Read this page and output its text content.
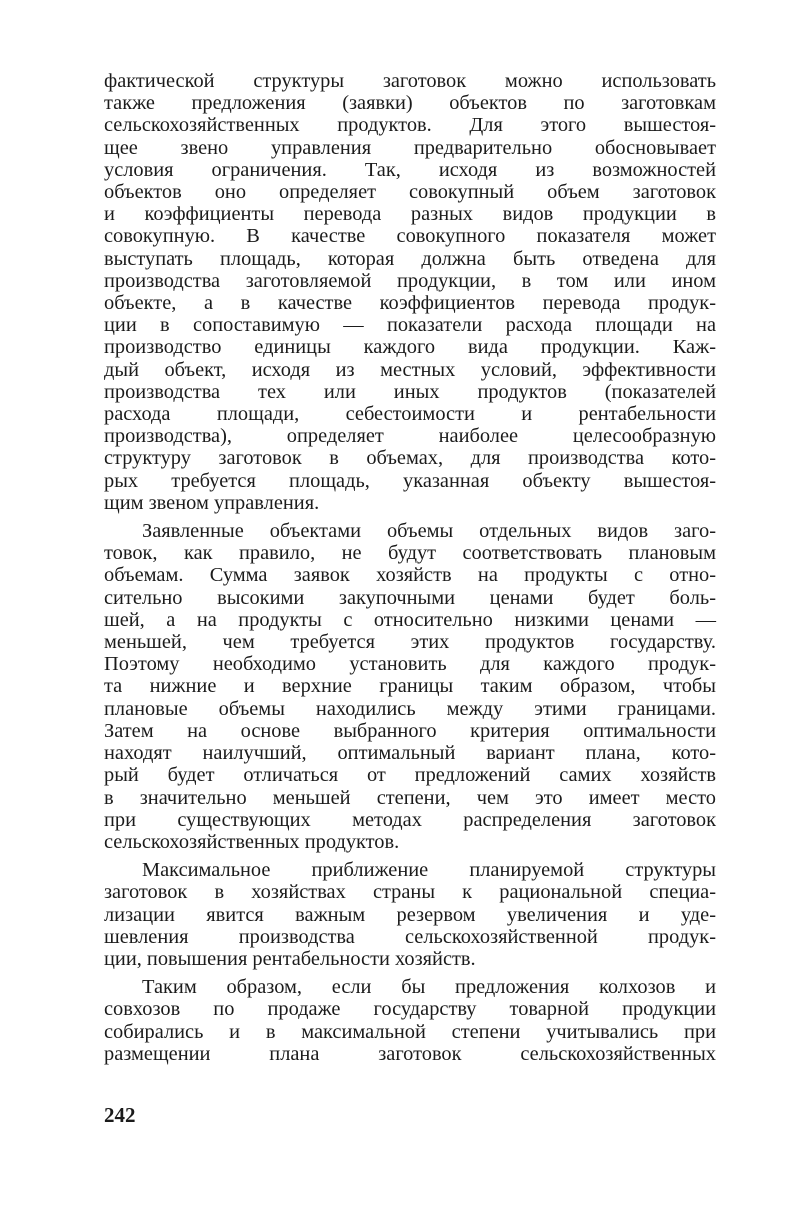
фактической структуры заготовок можно использовать
также предложения (заявки) объектов по заготовкам
сельскохозяйственных продуктов. Для этого вышестоя-
щее звено управления предварительно обосновывает
условия ограничения. Так, исходя из возможностей
объектов оно определяет совокупный объем заготовок
и коэффициенты перевода разных видов продукции в
совокупную. В качестве совокупного показателя может
выступать площадь, которая должна быть отведена для
производства заготовляемой продукции, в том или ином
объекте, а в качестве коэффициентов перевода продук-
ции в сопоставимую — показатели расхода площади на
производство единицы каждого вида продукции. Каж-
дый объект, исходя из местных условий, эффективности
производства тех или иных продуктов (показателей
расхода площади, себестоимости и рентабельности
производства), определяет наиболее целесообразную
структуру заготовок в объемах, для производства кото-
рых требуется площадь, указанная объекту вышестоя-
щим звеном управления.
Заявленные объектами объемы отдельных видов заго-
товок, как правило, не будут соответствовать плановым
объемам. Сумма заявок хозяйств на продукты с отно-
сительно высокими закупочными ценами будет боль-
шей, а на продукты с относительно низкими ценами —
меньшей, чем требуется этих продуктов государству.
Поэтому необходимо установить для каждого продук-
та нижние и верхние границы таким образом, чтобы
плановые объемы находились между этими границами.
Затем на основе выбранного критерия оптимальности
находят наилучший, оптимальный вариант плана, кото-
рый будет отличаться от предложений самих хозяйств
в значительно меньшей степени, чем это имеет место
при существующих методах распределения заготовок
сельскохозяйственных продуктов.
Максимальное приближение планируемой структуры
заготовок в хозяйствах страны к рациональной специа-
лизации явится важным резервом увеличения и уде-
шевления производства сельскохозяйственной продук-
ции, повышения рентабельности хозяйств.
Таким образом, если бы предложения колхозов и
совхозов по продаже государству товарной продукции
собирались и в максимальной степени учитывались при
размещении плана заготовок сельскохозяйственных
242
